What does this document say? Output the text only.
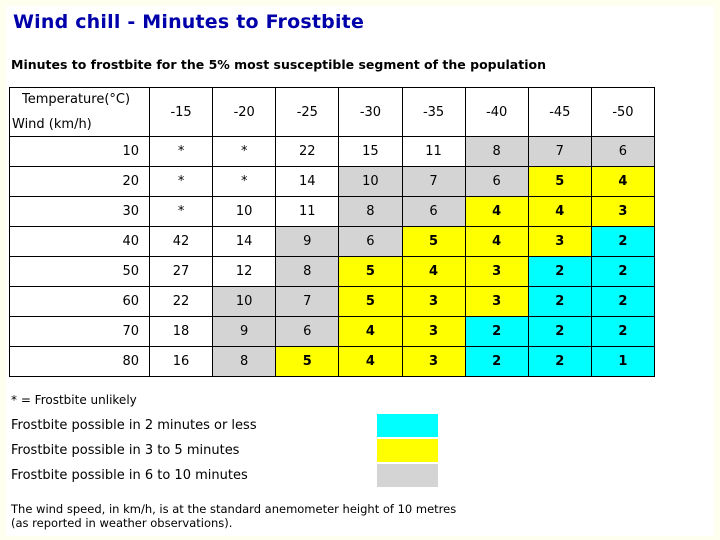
Wind chill - Minutes to Frostbite
Minutes to frostbite for the 5% most susceptible segment of the population
Temperature(°C)
Wind (km/h)	-15	-20	-25	-30	-35	-40	-45	-50
10	*	*	22	15	11	8	7	6
20	*	*	14	10	7	6	5	4
30	*	10	11	8	6	4	4	3
40	42	14	9	6	5	4	3	2
50	27	12	8	5	4	3	2	2
60	22	10	7	5	3	3	2	2
70	18	9	6	4	3	2	2	2
80	16	8	5	4	3	2	2	1
* = Frostbite unlikely
Frostbite possible in 2 minutes or less
Frostbite possible in 3 to 5 minutes
Frostbite possible in 6 to 10 minutes
The wind speed, in km/h, is at the standard anemometer height of 10 metres
(as reported in weather observations).
